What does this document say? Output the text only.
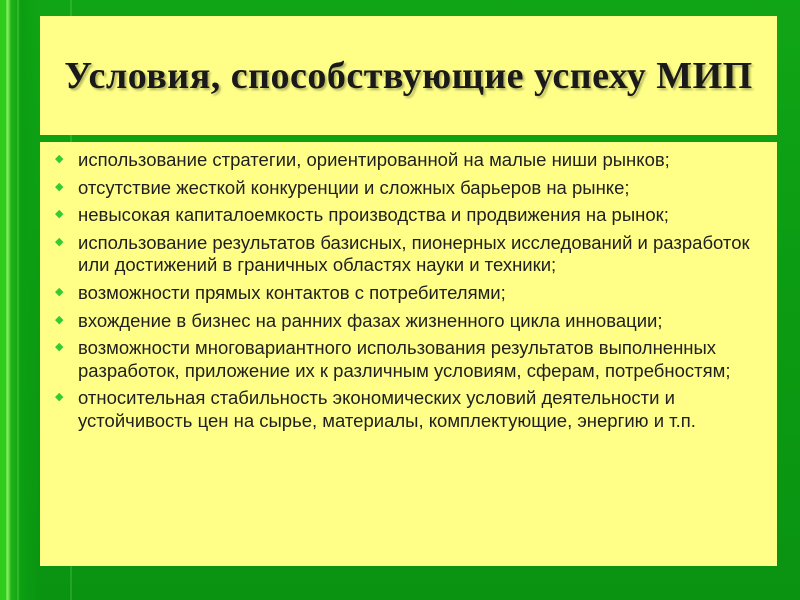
Условия, способствующие успеху МИП
◆ использование стратегии, ориентированной на малые ниши рынков;
◆ отсутствие жесткой конкуренции и сложных барьеров на рынке;
◆ невысокая капиталоемкость производства и продвижения на рынок;
◆ использование результатов базисных, пионерных исследований и разработок или достижений в граничных областях науки и техники;
◆ возможности прямых контактов с потребителями;
◆ вхождение в бизнес на ранних фазах жизненного цикла инновации;
◆ возможности многовариантного использования результатов выполненных разработок, приложение их к различным условиям, сферам, потребностям;
◆ относительная стабильность экономических условий деятельности и устойчивость цен на сырье, материалы, комплектующие, энергию и т.п.
